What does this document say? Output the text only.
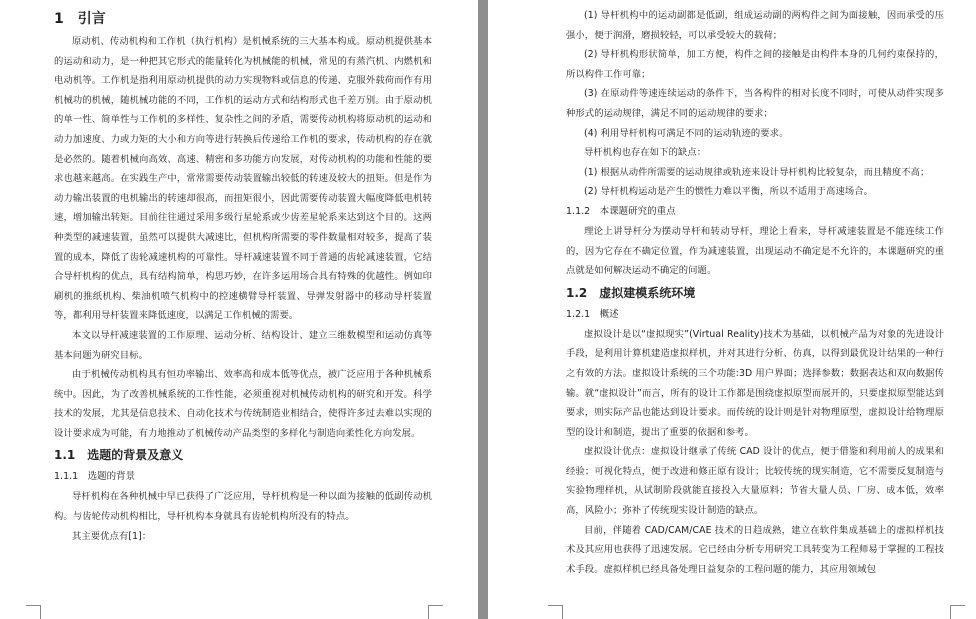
1　引言

原动机、传动机构和工作机（执行机构）是机械系统的三大基本构成。原动机提供基本的运动和动力，是一种把其它形式的能量转化为机械能的机械，常见的有蒸汽机、内燃机和电动机等。工作机是指利用原动机提供的动力实现物料或信息的传递、克服外载荷而作有用机械功的机械，随机械功能的不同，工作机的运动方式和结构形式也千差万别。由于原动机的单一性、简单性与工作机的多样性、复杂性之间的矛盾，需要传动机构将原动机的运动和动力加速度、力或力矩的大小和方向等进行转换后传递给工作机的要求，传动机构的存在就是必然的。随着机械向高效、高速、精密和多功能方向发展，对传动机构的功能和性能的要求也越来越高。在实践生产中，常常需要传动装置输出较低的转速及较大的扭矩。但是作为动力输出装置的电机输出的转速却很高，而扭矩很小，因此需要传动装置大幅度降低电机转速，增加输出转矩。目前往往通过采用多级行星轮系或少齿差星轮系来达到这个目的。这两种类型的减速装置，虽然可以提供大减速比，但机构所需要的零件数量相对较多，提高了装置的成本，降低了齿轮减速机构的可靠性。导杆减速装置不同于普通的齿轮减速装置，它结合导杆机构的优点，具有结构简单，构思巧妙，在许多运用场合具有特殊的优越性。例如印刷机的推纸机构、柴油机喷气机构中的控速横臂导杆装置、导弹发射器中的移动导杆装置等，都利用导杆装置来降低速度，以满足工作机械的需要。

本文以导杆减速装置的工作原理、运动分析、结构设计、建立三维数模型和运动仿真等基本问题为研究目标。

由于机械传动机构具有恒功率输出、效率高和成本低等优点，被广泛应用于各种机械系统中。因此，为了改善机械系统的工作性能，必须重视对机械传动机构的研究和开发。科学技术的发展，尤其是信息技术、自动化技术与传统制造业相结合，使得许多过去难以实现的设计要求成为可能，有力地推动了机械传动产品类型的多样化与制造向柔性化方向发展。

1.1　选题的背景及意义

1.1.1　选题的背景

导杆机构在各种机械中早已获得了广泛应用，导杆机构是一种以面为接触的低副传动机构。与齿轮传动机构相比，导杆机构本身就具有齿轮机构所没有的特点。

其主要优点有[1]：

(1) 导杆机构中的运动副都是低副，组成运动副的两构件之间为面接触，因而承受的压强小，便于润滑，磨损较轻，可以承受较大的载荷；

(2) 导杆机构形状简单，加工方便，构件之间的接触是由构件本身的几何约束保持的，所以构件工作可靠；

(3) 在原动件等速连续运动的条件下，当各构件的相对长度不同时，可使从动件实现多种形式的运动规律，满足不同的运动规律的要求；

(4) 利用导杆机构可满足不同的运动轨迹的要求。

导杆机构也存在如下的缺点：

(1) 根据从动件所需要的运动规律或轨迹来设计导杆机构比较复杂，而且精度不高；

(2) 导杆机构运动是产生的惯性力难以平衡，所以不适用于高速场合。

1.1.2　本课题研究的重点

理论上讲导杆分为摆动导杆和转动导杆，理论上看来，导杆减速装置是不能连续工作的，因为它存在不确定位置，作为减速装置，出现运动不确定是不允许的，本课题研究的重点就是如何解决运动不确定的问题。

1.2　虚拟建模系统环境

1.2.1　概述

虚拟设计是以“虚拟现实”(Virtual Reality)技术为基础，以机械产品为对象的先进设计手段，是利用计算机建造虚拟样机，并对其进行分析、仿真，以得到最优设计结果的一种行之有效的方法。虚拟设计系统的三个功能:3D 用户界面；选择参数；数据表达和双向数据传输。就“虚拟设计”而言，所有的设计工作都是围绕虚拟原型而展开的，只要虚拟原型能达到要求，则实际产品也能达到设计要求。而传统的设计则是针对物理原型，虚拟设计给物理原型的设计和制造，提出了重要的依据和参考。

虚拟设计优点：虚拟设计继承了传统 CAD 设计的优点，便于借鉴和利用前人的成果和经验；可视化特点，便于改进和修正原有设计；比较传统的现实制造，它不需要反复制造与实验物理样机，从试制阶段就能直接投入大量原料；节省大量人员、厂房、成本低，效率高，风险小；弥补了传统现实设计制造的缺点。

目前，伴随着 CAD/CAM/CAE 技术的日趋成熟，建立在软件集成基础上的虚拟样机技术及其应用也获得了迅速发展。它已经由分析专用研究工具转变为工程师易于掌握的工程技术手段。虚拟样机已经具备处理日益复杂的工程问题的能力，其应用领域包
